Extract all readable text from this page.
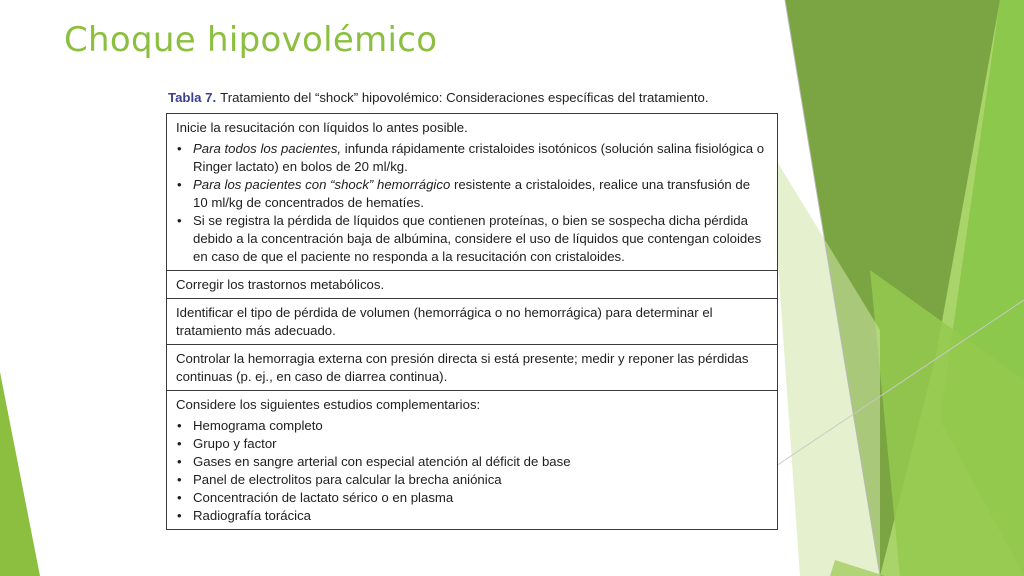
Choque hipovolémico
Tabla 7. Tratamiento del “shock” hipovolémico: Consideraciones específicas del tratamiento.
Inicie la resucitación con líquidos lo antes posible.
• Para todos los pacientes, infunda rápidamente cristaloides isotónicos (solución salina fisiológica o Ringer lactato) en bolos de 20 ml/kg.
• Para los pacientes con “shock” hemorrágico resistente a cristaloides, realice una transfusión de 10 ml/kg de concentrados de hematíes.
• Si se registra la pérdida de líquidos que contienen proteínas, o bien se sospecha dicha pérdida debido a la concentración baja de albúmina, considere el uso de líquidos que contengan coloides en caso de que el paciente no responda a la resucitación con cristaloides.
Corregir los trastornos metabólicos.
Identificar el tipo de pérdida de volumen (hemorrágica o no hemorrágica) para determinar el tratamiento más adecuado.
Controlar la hemorragia externa con presión directa si está presente; medir y reponer las pérdidas continuas (p. ej., en caso de diarrea continua).
Considere los siguientes estudios complementarios:
• Hemograma completo
• Grupo y factor
• Gases en sangre arterial con especial atención al déficit de base
• Panel de electrolitos para calcular la brecha aniónica
• Concentración de lactato sérico o en plasma
• Radiografía torácica
